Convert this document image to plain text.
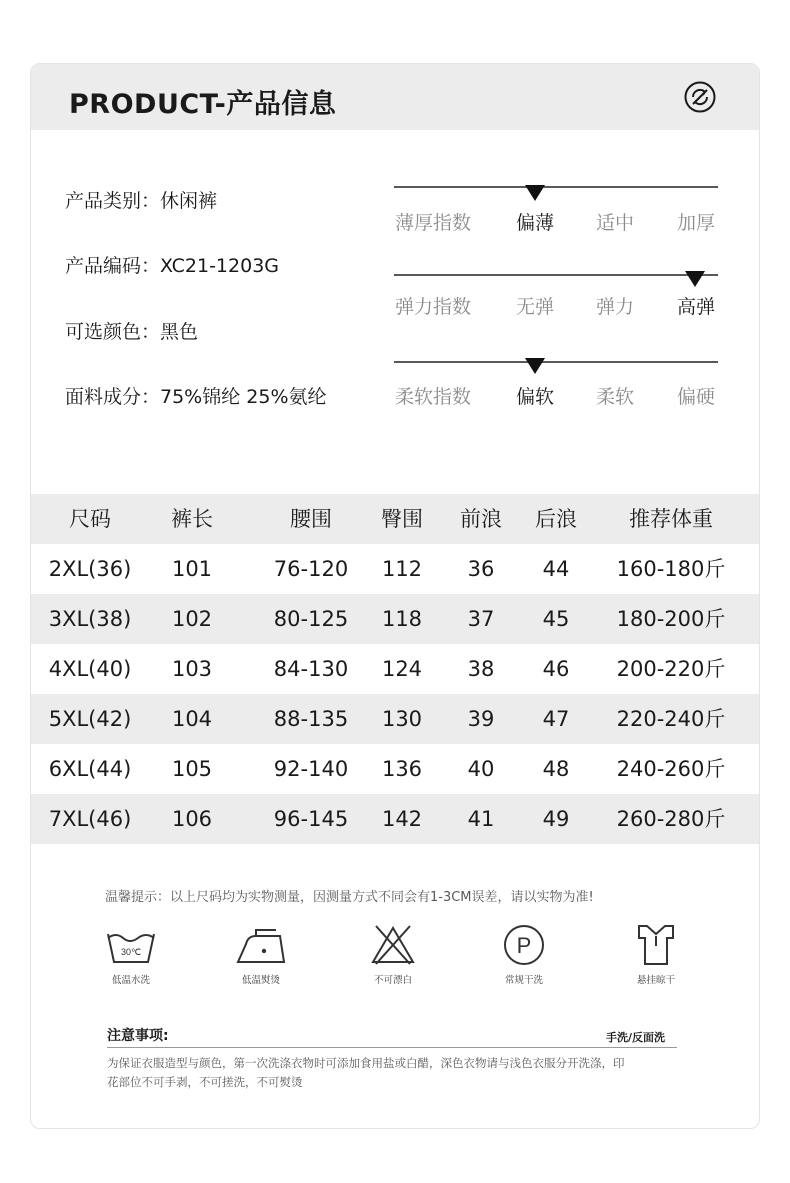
PRODUCT-产品信息
产品类别：休闲裤
产品编码：XC21-1203G
可选颜色：黑色
面料成分：75%锦纶 25%氨纶
薄厚指数	偏薄	适中	加厚
弹力指数	无弹	弹力	高弹
柔软指数	偏软	柔软	偏硬
尺码	裤长	腰围	臀围	前浪	后浪	推荐体重
2XL(36)	101	76-120	112	36	44	160-180斤
3XL(38)	102	80-125	118	37	45	180-200斤
4XL(40)	103	84-130	124	38	46	200-220斤
5XL(42)	104	88-135	130	39	47	220-240斤
6XL(44)	105	92-140	136	40	48	240-260斤
7XL(46)	106	96-145	142	41	49	260-280斤
温馨提示：以上尺码均为实物测量，因测量方式不同会有1-3CM误差，请以实物为准!
30℃
低温水洗	低温熨烫	不可漂白
P
常规干洗	悬挂晾干
注意事项:	手洗/反面洗
为保证衣服造型与颜色，第一次洗涤衣物时可添加食用盐或白醋，深色衣物请与浅色衣服分开洗涤，印花部位不可手剥，不可搓洗，不可熨烫
